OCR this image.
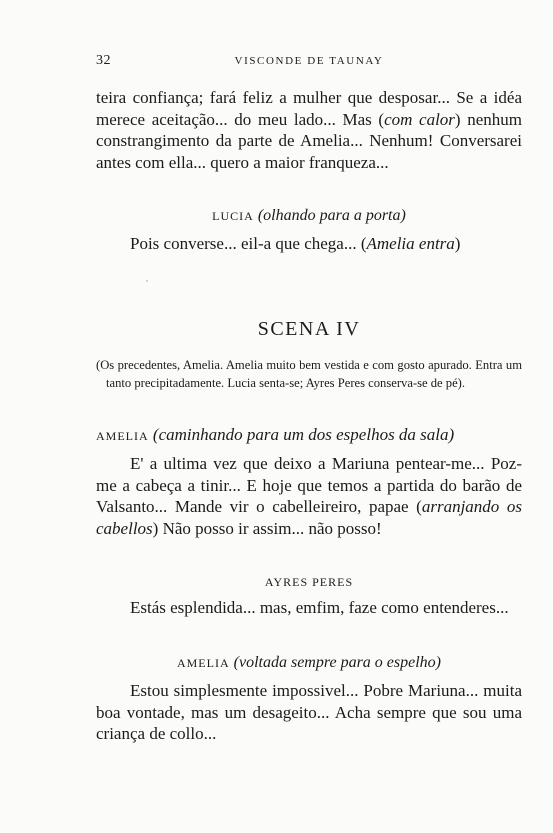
32	VISCONDE DE TAUNAY

teira confiança; fará feliz a mulher que desposar... Se a idéa merece aceitação... do meu lado... Mas (com calor) nenhum constrangimento da parte de Amelia... Nenhum! Conversarei antes com ella... quero a maior franqueza...

LUCIA (olhando para a porta)

Pois converse... eil-a que chega... (Amelia entra)

SCENA IV

(Os precedentes, Amelia. Amelia muito bem vestida e com gosto apurado. Entra um tanto precipitadamente. Lucia senta-se; Ayres Peres conserva-se de pé).

AMELIA (caminhando para um dos espelhos da sala)

E' a ultima vez que deixo a Mariuna pentear-me... Poz-me a cabeça a tinir... E hoje que temos a partida do barão de Valsanto... Mande vir o cabelleireiro, papae (arranjando os cabellos) Não posso ir assim... não posso!

AYRES PERES

Estás esplendida... mas, emfim, faze como entenderes...

AMELIA (voltada sempre para o espelho)

Estou simplesmente impossivel... Pobre Mariuna... muita boa vontade, mas um desageito... Acha sempre que sou uma criança de collo...
